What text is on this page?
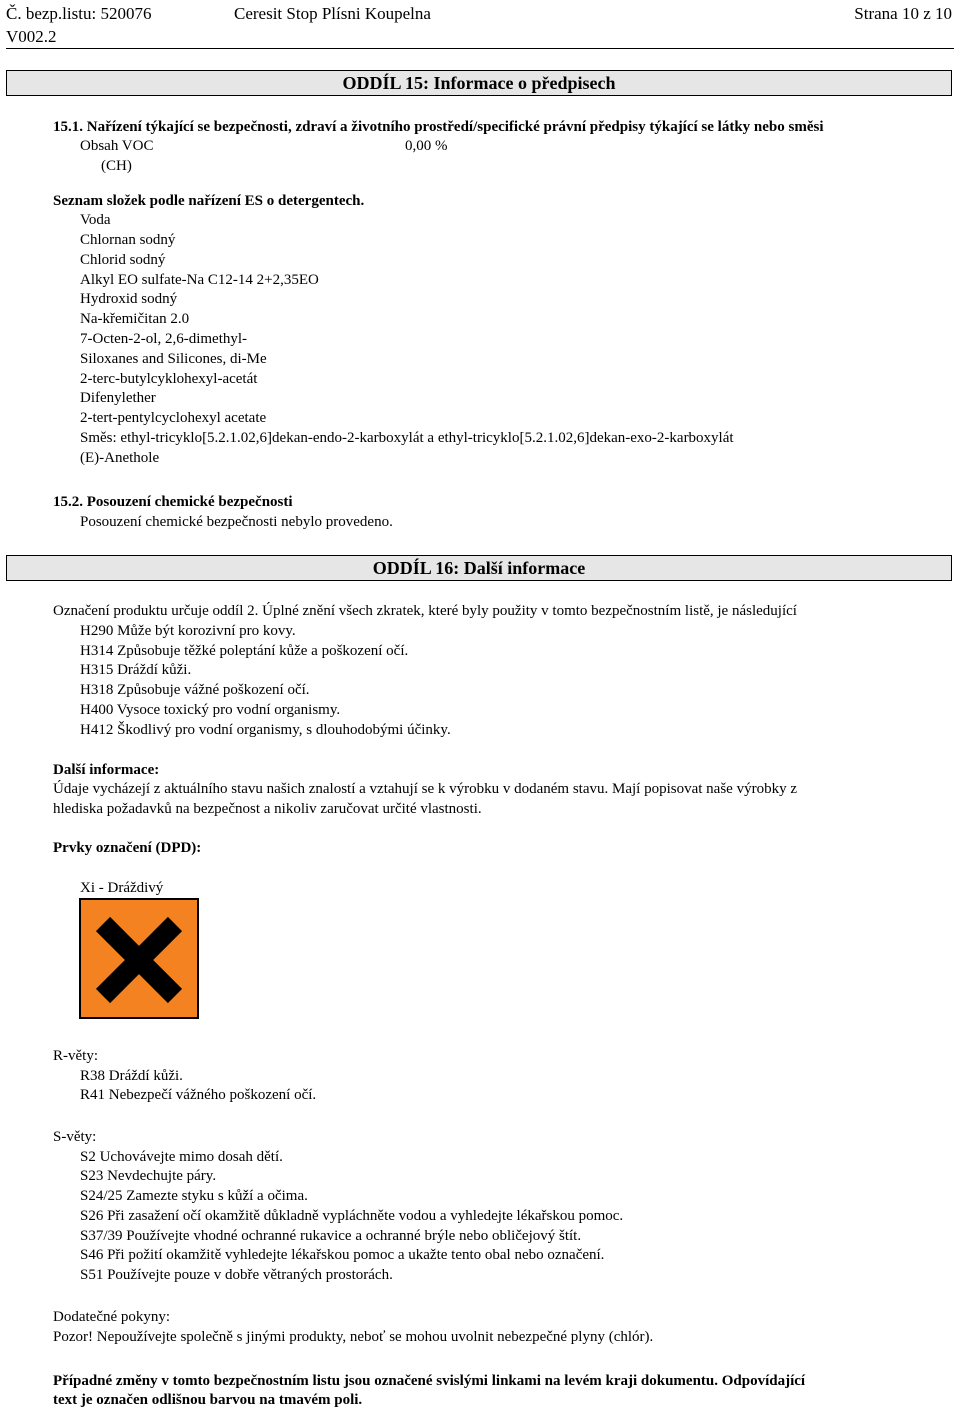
Č. bezp.listu: 520076
V002.2
Ceresit Stop Plísni Koupelna	Strana 10 z 10
ODDÍL 15: Informace o předpisech
15.1. Nařízení týkající se bezpečnosti, zdraví a životního prostředí/specifické právní předpisy týkající se látky nebo směsi
Obsah VOC	0,00 %
(CH)
Seznam složek podle nařízení ES o detergentech.
Voda
Chlornan sodný
Chlorid sodný
Alkyl EO sulfate-Na C12-14 2+2,35EO
Hydroxid sodný
Na-křemičitan 2.0
7-Octen-2-ol, 2,6-dimethyl-
Siloxanes and Silicones, di-Me
2-terc-butylcyklohexyl-acetát
Difenylether
2-tert-pentylcyclohexyl acetate
Směs: ethyl-tricyklo[5.2.1.02,6]dekan-endo-2-karboxylát a ethyl-tricyklo[5.2.1.02,6]dekan-exo-2-karboxylát
(E)-Anethole
15.2. Posouzení chemické bezpečnosti
Posouzení chemické bezpečnosti nebylo provedeno.
ODDÍL 16: Další informace
Označení produktu určuje oddíl 2. Úplné znění všech zkratek, které byly použity v tomto bezpečnostním listě, je následující
H290 Může být korozivní pro kovy.
H314 Způsobuje těžké poleptání kůže a poškození očí.
H315 Dráždí kůži.
H318 Způsobuje vážné poškození očí.
H400 Vysoce toxický pro vodní organismy.
H412 Škodlivý pro vodní organismy, s dlouhodobými účinky.
Další informace:
Údaje vycházejí z aktuálního stavu našich znalostí a vztahují se k výrobku v dodaném stavu. Mají popisovat naše výrobky z
hlediska požadavků na bezpečnost a nikoliv zaručovat určité vlastnosti.
Prvky označení (DPD):
Xi - Dráždivý
R-věty:
R38 Dráždí kůži.
R41 Nebezpečí vážného poškození očí.
S-věty:
S2 Uchovávejte mimo dosah dětí.
S23 Nevdechujte páry.
S24/25 Zamezte styku s kůží a očima.
S26 Při zasažení očí okamžitě důkladně vypláchněte vodou a vyhledejte lékařskou pomoc.
S37/39 Používejte vhodné ochranné rukavice a ochranné brýle nebo obličejový štít.
S46 Při požití okamžitě vyhledejte lékařskou pomoc a ukažte tento obal nebo označení.
S51 Používejte pouze v dobře větraných prostorách.
Dodatečné pokyny:
Pozor! Nepoužívejte společně s jinými produkty, neboť se mohou uvolnit nebezpečné plyny (chlór).
Případné změny v tomto bezpečnostním listu jsou označené svislými linkami na levém kraji dokumentu. Odpovídající
text je označen odlišnou barvou na tmavém poli.
